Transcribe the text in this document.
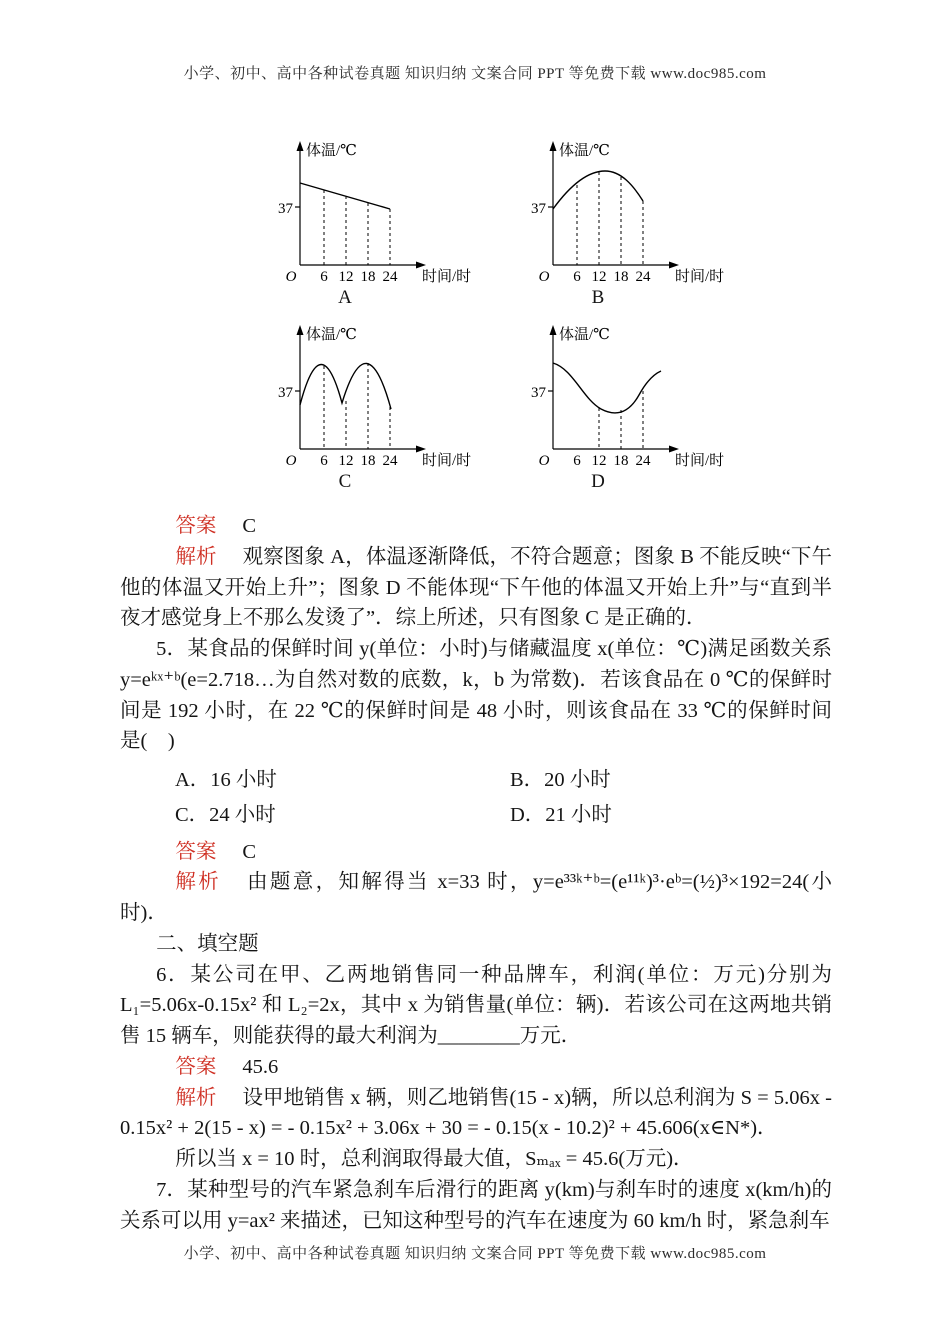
小学、初中、高中各种试卷真题 知识归纳 文案合同 PPT 等免费下载 www.doc985.com
体温/℃
37
O 6 12 18 24 时间/时
A
体温/℃
37
O 6 12 18 24 时间/时
B
体温/℃
37
O 6 12 18 24 时间/时
C
体温/℃
37
O 6 12 18 24 时间/时
D

答案 C

解析 观察图象 A，体温逐渐降低，不符合题意；图象 B 不能反映“下午他的体温又开始上升”；图象 D 不能体现“下午他的体温又开始上升”与“直到半夜才感觉身上不那么发烫了”．综上所述，只有图象 C 是正确的．

5．某食品的保鲜时间 y(单位：小时)与储藏温度 x(单位：℃)满足函数关系 y=eᵏˣ⁺ᵇ(e=2.718…为自然对数的底数，k，b 为常数)．若该食品在 0 ℃的保鲜时间是 192 小时，在 22 ℃的保鲜时间是 48 小时，则该食品在 33 ℃的保鲜时间是(　)

A．16 小时	B．20 小时

C．24 小时	D．21 小时

答案 C

解析 由题意，知解得当 x=33 时，y=e³³ᵏ⁺ᵇ=(e¹¹ᵏ)³·eᵇ=(½)³×192=24(小时)．

二、填空题

6．某公司在甲、乙两地销售同一种品牌车，利润(单位：万元)分别为 L₁=5.06x-0.15x² 和 L₂=2x，其中 x 为销售量(单位：辆)．若该公司在这两地共销售 15 辆车，则能获得的最大利润为________万元．

答案 45.6

解析 设甲地销售 x 辆，则乙地销售(15 - x)辆，所以总利润为 S = 5.06x - 0.15x² + 2(15 - x) = - 0.15x² + 3.06x + 30 = - 0.15(x - 10.2)² + 45.606(x∈N*)．

所以当 x = 10 时，总利润取得最大值，Sₘₐₓ = 45.6(万元)．

7．某种型号的汽车紧急刹车后滑行的距离 y(km)与刹车时的速度 x(km/h)的关系可以用 y=ax² 来描述，已知这种型号的汽车在速度为 60 km/h 时，紧急刹车

小学、初中、高中各种试卷真题 知识归纳 文案合同 PPT 等免费下载 www.doc985.com
